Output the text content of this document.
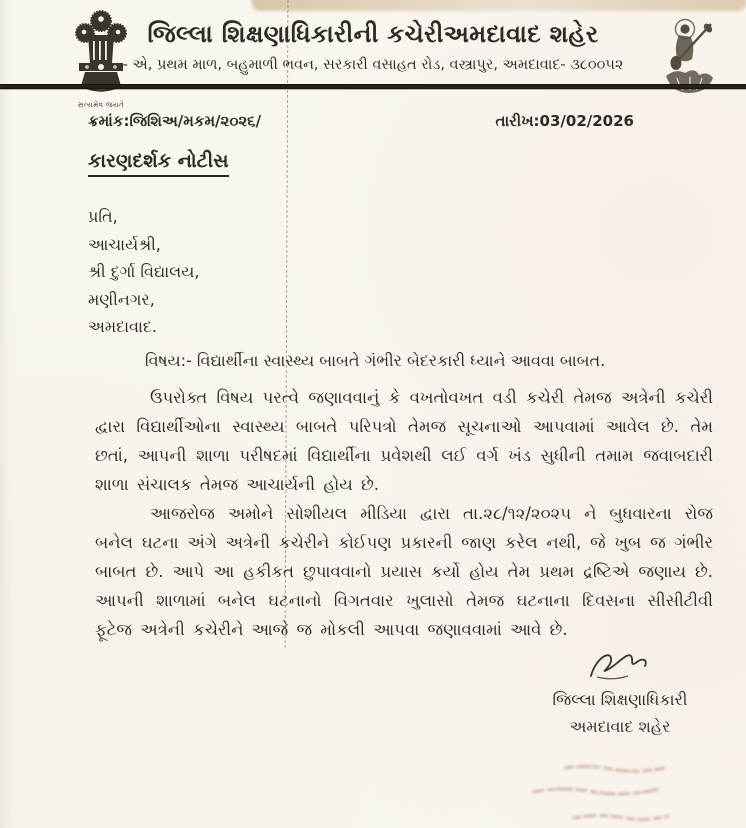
સત્યમેવ જયતે
જિલ્લા શિક્ષણાધિકારીની કચેરીઅમદાવાદ શહેર
- એ, પ્રથમ માળ, બહુમાળી ભવન, સરકારી વસાહત રોડ, વસ્ત્રાપુર, અમદાવાદ- ૩૮૦૦૫૨
ક્રમાંક:જિશિઅ/મકમ/૨૦૨૬/	તારીખ:03/02/2026
કારણદર્શક નોટીસ
પ્રતિ,
આચાર્યશ્રી,
શ્રી દુર્ગા વિદ્યાલય,
મણીનગર,
અમદાવાદ.
વિષય:- વિદ્યાર્થીના સ્વાસ્થ્ય બાબતે ગંભીર બેદરકારી ધ્યાને આવવા બાબત.

ઉપરોક્ત વિષય પરત્વે જણાવવાનું કે વખતોવખત વડી કચેરી તેમજ અત્રેની કચેરી દ્વારા વિદ્યાર્થીઓના સ્વાસ્થ્ય બાબતે પરિપત્રો તેમજ સૂચનાઓ આપવામાં આવેલ છે. તેમ છતાં, આપની શાળા પરીષદમાં વિદ્યાર્થીના પ્રવેશથી લઈ વર્ગ ખંડ સુધીની તમામ જવાબદારી શાળા સંચાલક તેમજ આચાર્યની હોય છે.

આજરોજ અમોને સોશીયલ મીડિયા દ્વારા તા.૨૮/૧૨/૨૦૨૫ ને બુધવારના રોજ બનેલ ઘટના અંગે અત્રેની કચેરીને કોઈપણ પ્રકારની જાણ કરેલ નથી, જે ખુબ જ ગંભીર બાબત છે. આપે આ હકીકત છુપાવવાનો પ્રયાસ કર્યો હોય તેમ પ્રથમ દ્રષ્ટિએ જણાય છે. આપની શાળામાં બનેલ ઘટનાનો વિગતવાર ખુલાસો તેમજ ઘટનાના દિવસના સીસીટીવી ફૂટેજ અત્રેની કચેરીને આજે જ મોકલી આપવા જણાવવામાં આવે છે.

જિલ્લા શિક્ષણાધિકારી
અમદાવાદ શહેર
